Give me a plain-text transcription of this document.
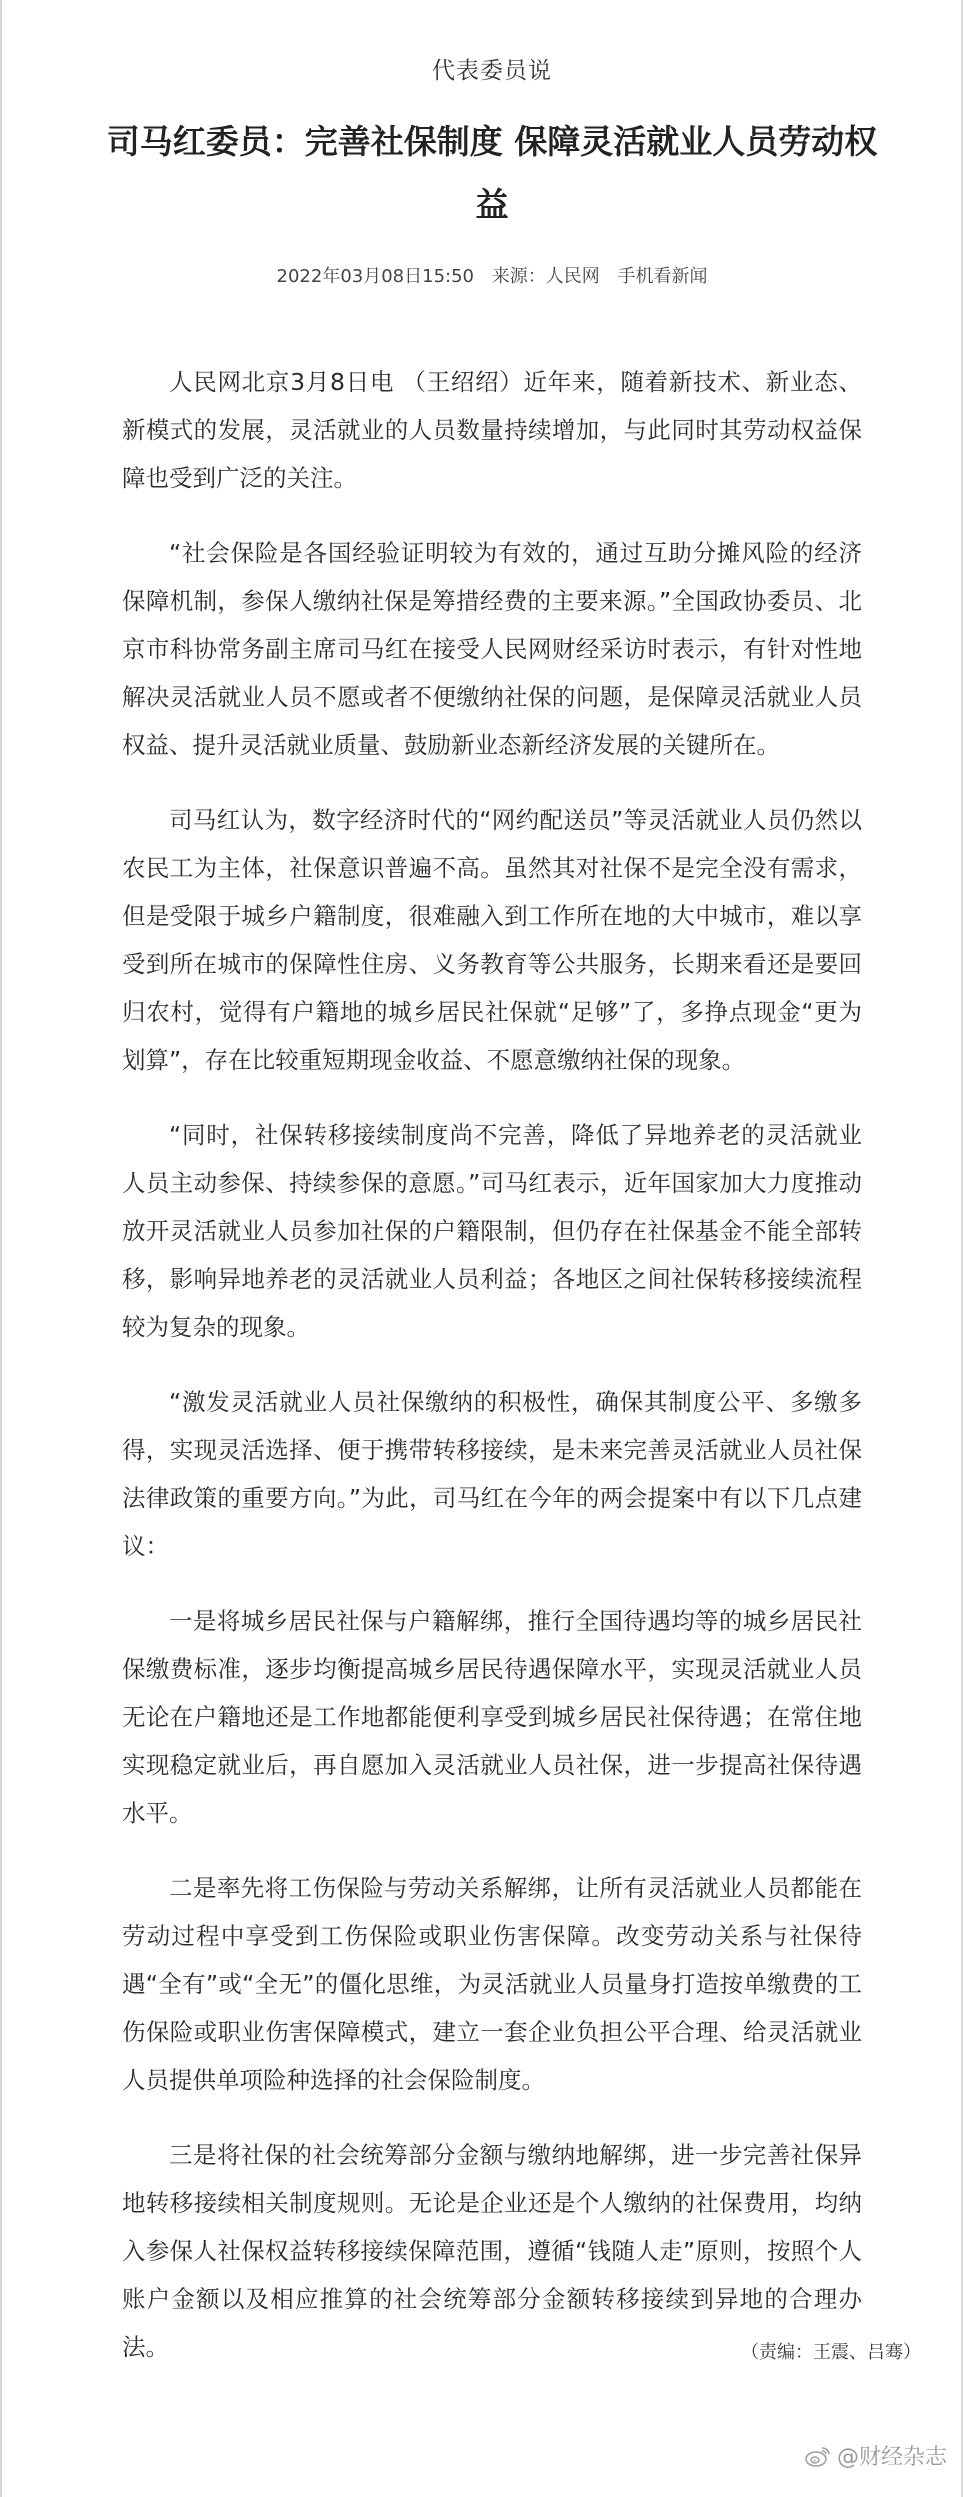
代表委员说
司马红委员：完善社保制度 保障灵活就业人员劳动权益
2022年03月08日15:50 来源：人民网 手机看新闻

人民网北京3月8日电 （王绍绍）近年来，随着新技术、新业态、新模式的发展，灵活就业的人员数量持续增加，与此同时其劳动权益保障也受到广泛的关注。

“社会保险是各国经验证明较为有效的，通过互助分摊风险的经济保障机制，参保人缴纳社保是筹措经费的主要来源。”全国政协委员、北京市科协常务副主席司马红在接受人民网财经采访时表示，有针对性地解决灵活就业人员不愿或者不便缴纳社保的问题，是保障灵活就业人员权益、提升灵活就业质量、鼓励新业态新经济发展的关键所在。

司马红认为，数字经济时代的“网约配送员”等灵活就业人员仍然以农民工为主体，社保意识普遍不高。虽然其对社保不是完全没有需求，但是受限于城乡户籍制度，很难融入到工作所在地的大中城市，难以享受到所在城市的保障性住房、义务教育等公共服务，长期来看还是要回归农村，觉得有户籍地的城乡居民社保就“足够”了，多挣点现金“更为划算”，存在比较重短期现金收益、不愿意缴纳社保的现象。

“同时，社保转移接续制度尚不完善，降低了异地养老的灵活就业人员主动参保、持续参保的意愿。”司马红表示，近年国家加大力度推动放开灵活就业人员参加社保的户籍限制，但仍存在社保基金不能全部转移，影响异地养老的灵活就业人员利益；各地区之间社保转移接续流程较为复杂的现象。

“激发灵活就业人员社保缴纳的积极性，确保其制度公平、多缴多得，实现灵活选择、便于携带转移接续，是未来完善灵活就业人员社保法律政策的重要方向。”为此，司马红在今年的两会提案中有以下几点建议：

一是将城乡居民社保与户籍解绑，推行全国待遇均等的城乡居民社保缴费标准，逐步均衡提高城乡居民待遇保障水平，实现灵活就业人员无论在户籍地还是工作地都能便利享受到城乡居民社保待遇；在常住地实现稳定就业后，再自愿加入灵活就业人员社保，进一步提高社保待遇水平。

二是率先将工伤保险与劳动关系解绑，让所有灵活就业人员都能在劳动过程中享受到工伤保险或职业伤害保障。改变劳动关系与社保待遇“全有”或“全无”的僵化思维，为灵活就业人员量身打造按单缴费的工伤保险或职业伤害保障模式，建立一套企业负担公平合理、给灵活就业人员提供单项险种选择的社会保险制度。

三是将社保的社会统筹部分金额与缴纳地解绑，进一步完善社保异地转移接续相关制度规则。无论是企业还是个人缴纳的社保费用，均纳入参保人社保权益转移接续保障范围，遵循“钱随人走”原则，按照个人账户金额以及相应推算的社会统筹部分金额转移接续到异地的合理办法。	（责编：王震、吕骞）
@财经杂志
